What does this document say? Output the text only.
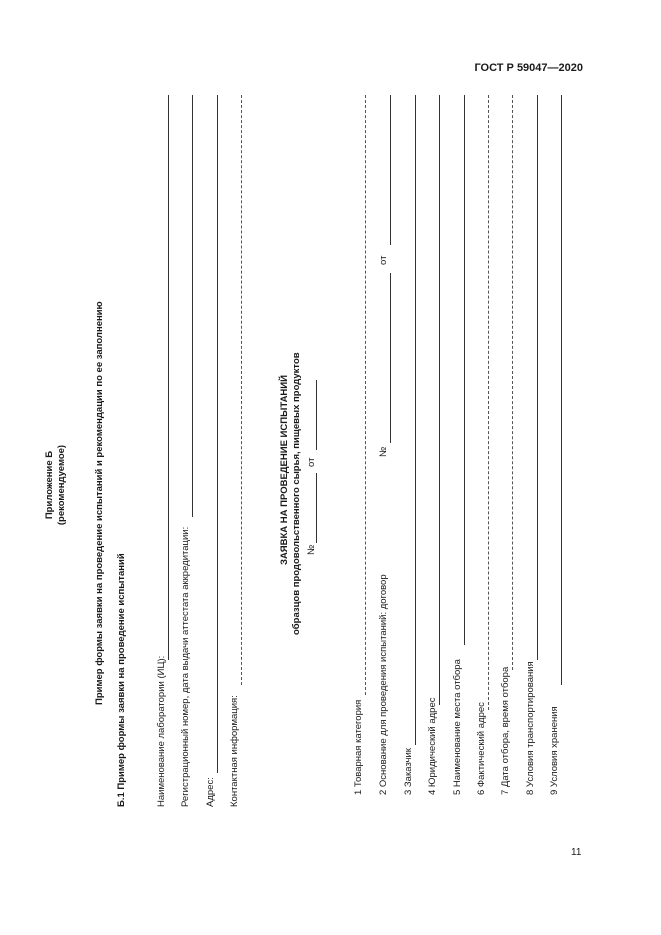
ГОСТ Р 59047—2020
Приложение Б (рекомендуемое)	Пример формы заявки на проведение испытаний и рекомендации по ее заполнению Б.1 Пример формы заявки на проведение испытаний	Наименование лаборатории (ИЦ): Регистрационный номер, дата выдачи аттестата аккредитации: Адрес: Контактная информация:
ЗАЯВКА НА ПРОВЕДЕНИЕ ИСПЫТАНИЙ образцов продовольственного сырья, пищевых продуктов №
от
1 Товарная категория 2 Основание для проведения испытаний: договор
№
от
3 Заказчик 4 Юридический адрес 5 Наименование места отбора 6 Фактический адрес 7 Дата отбора, время отбора 8 Условия транспортирования 9 Условия хранения
11
